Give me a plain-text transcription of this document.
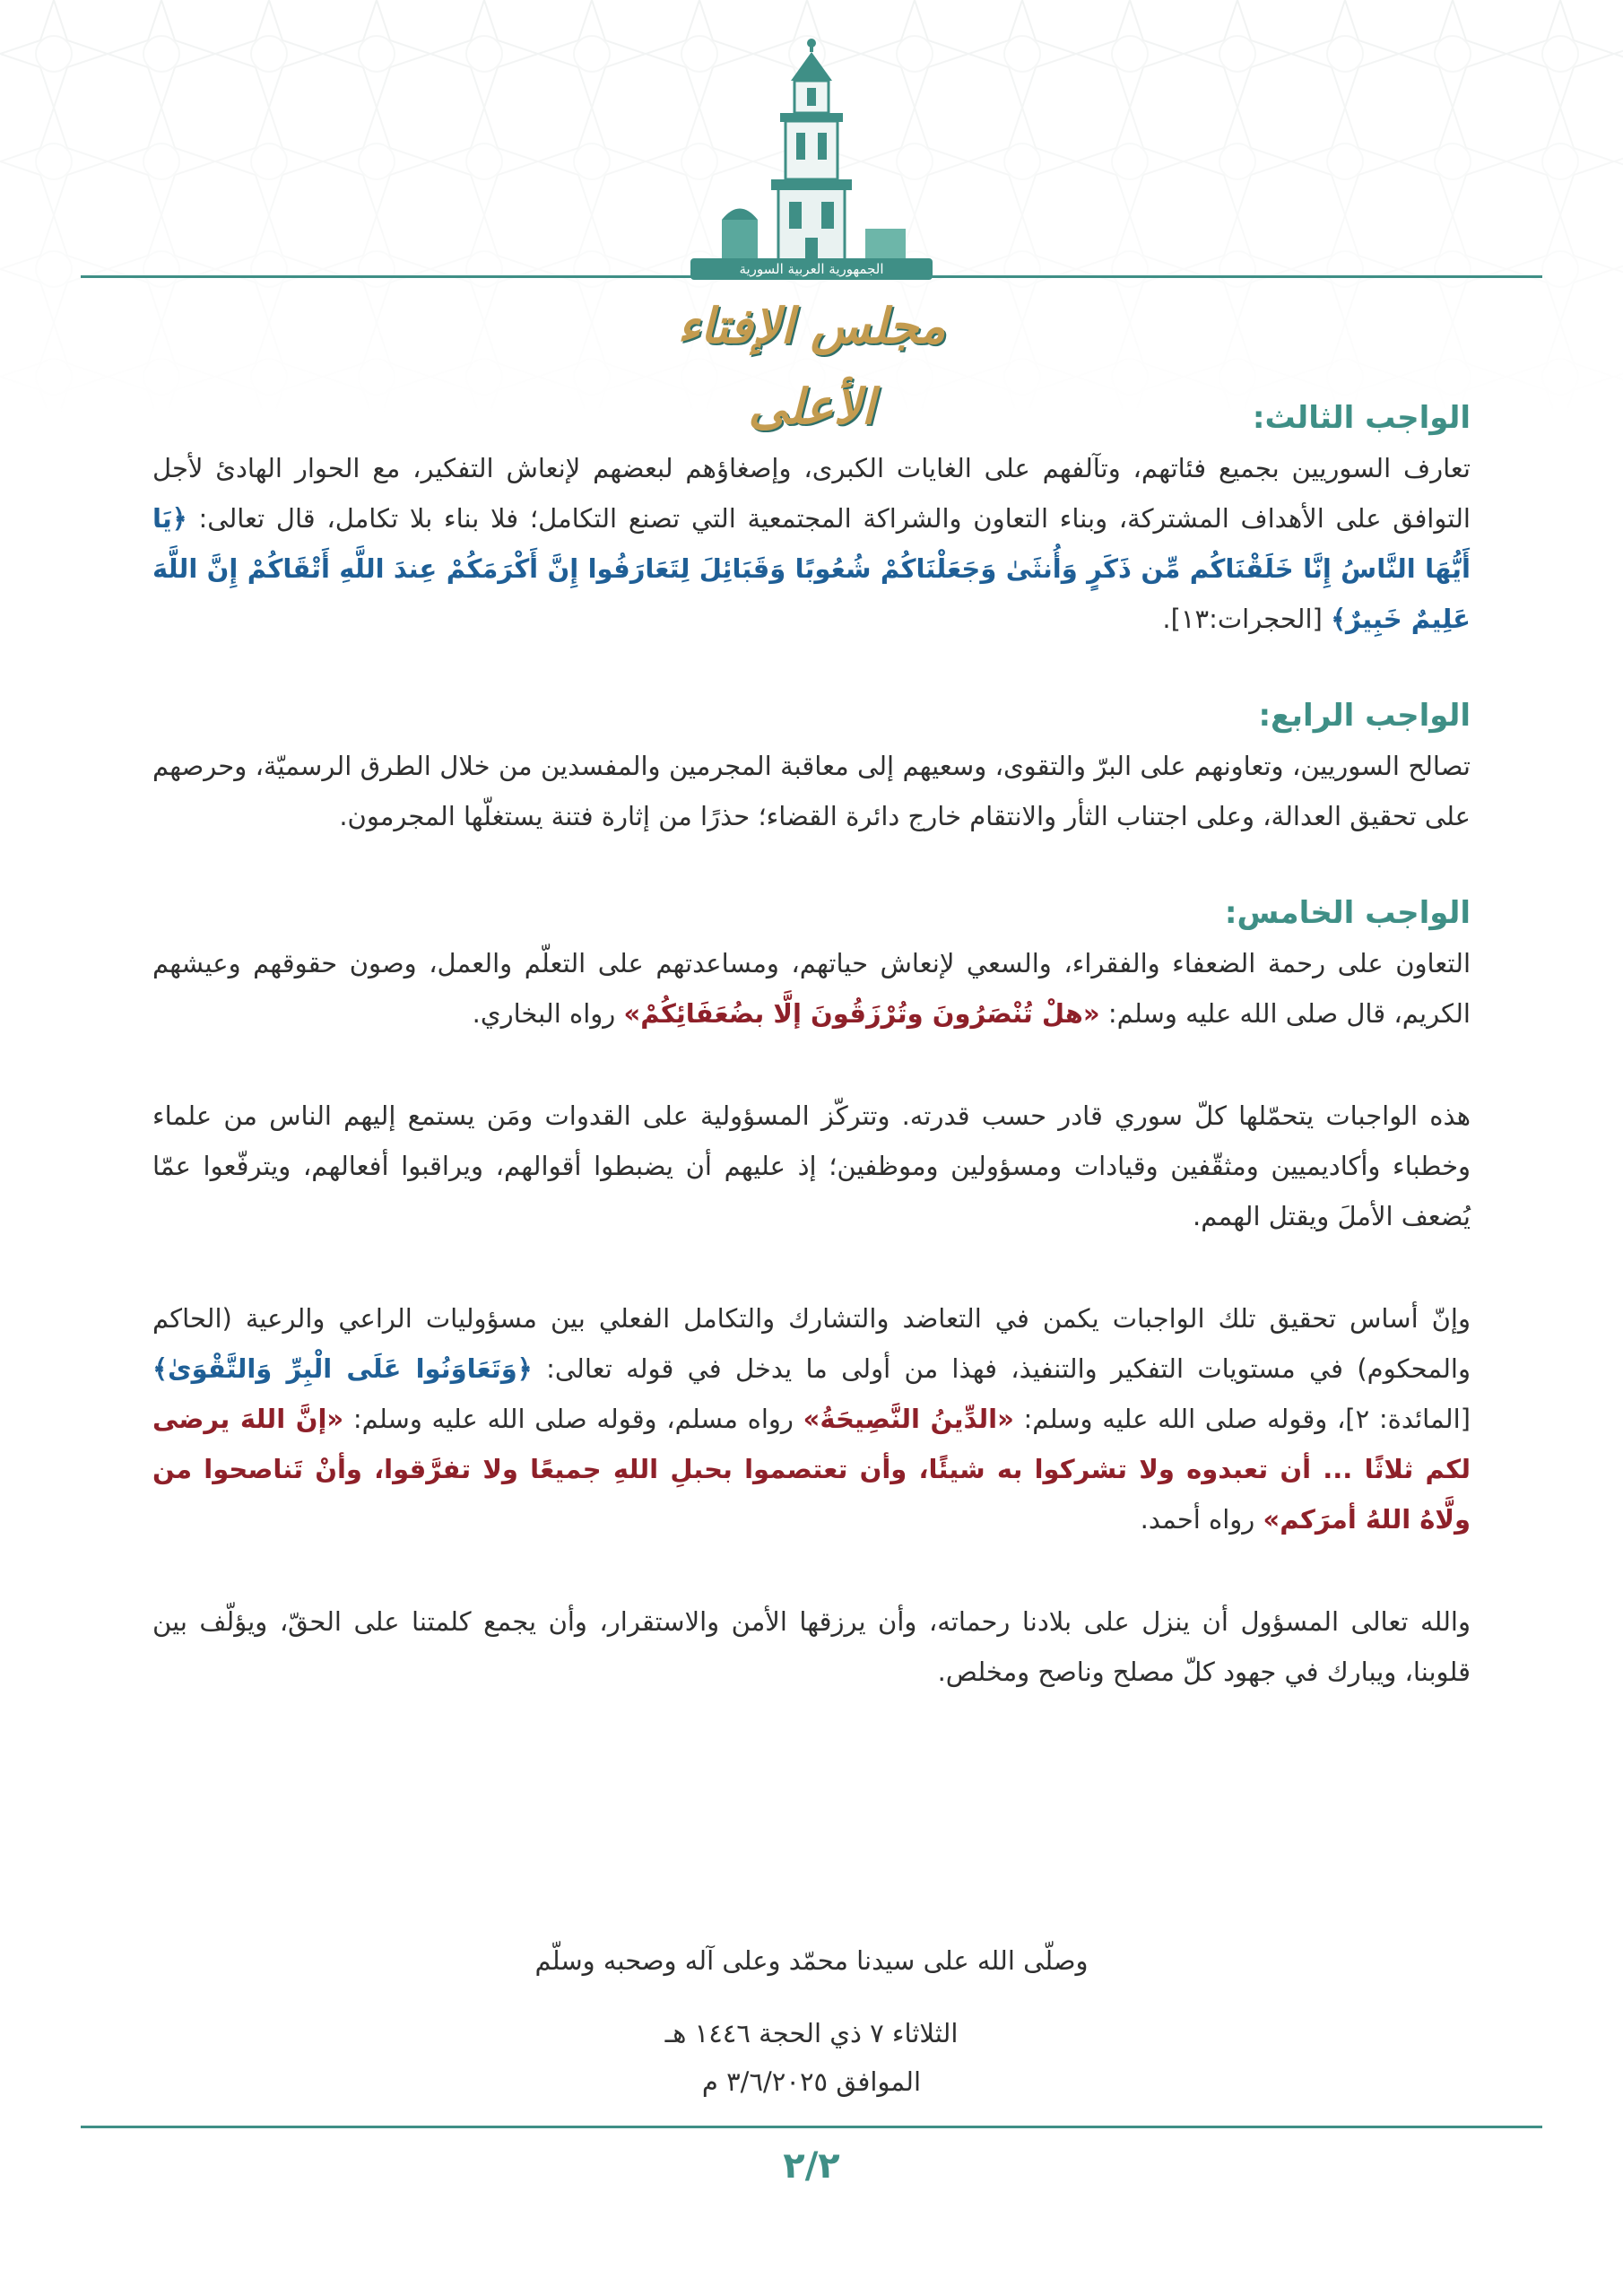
الجمهورية العربية السورية
مجلس الإفتاء الأعلى	الواجب الثالث:

تعارف السوريين بجميع فئاتهم، وتآلفهم على الغايات الكبرى، وإصغاؤهم لبعضهم لإنعاش التفكير، مع الحوار الهادئ لأجل التوافق على الأهداف المشتركة، وبناء التعاون والشراكة المجتمعية التي تصنع التكامل؛ فلا بناء بلا تكامل، قال تعالى: ﴿يَا أَيُّهَا النَّاسُ إِنَّا خَلَقْنَاكُم مِّن ذَكَرٍ وَأُنثَىٰ وَجَعَلْنَاكُمْ شُعُوبًا وَقَبَائِلَ لِتَعَارَفُوا إِنَّ أَكْرَمَكُمْ عِندَ اللَّهِ أَتْقَاكُمْ إِنَّ اللَّهَ عَلِيمٌ خَبِيرٌ﴾ [الحجرات:١٣].

الواجب الرابع:

تصالح السوريين، وتعاونهم على البرّ والتقوى، وسعيهم إلى معاقبة المجرمين والمفسدين من خلال الطرق الرسميّة، وحرصهم على تحقيق العدالة، وعلى اجتناب الثأر والانتقام خارج دائرة القضاء؛ حذرًا من إثارة فتنة يستغلّها المجرمون.

الواجب الخامس:

التعاون على رحمة الضعفاء والفقراء، والسعي لإنعاش حياتهم، ومساعدتهم على التعلّم والعمل، وصون حقوقهم وعيشهم الكريم، قال صلى الله عليه وسلم: «هلْ تُنْصَرُونَ وتُرْزَقُونَ إلَّا بضُعَفَائِكُمْ» رواه البخاري.

هذه الواجبات يتحمّلها كلّ سوري قادر حسب قدرته. وتتركّز المسؤولية على القدوات ومَن يستمع إليهم الناس من علماء وخطباء وأكاديميين ومثقّفين وقيادات ومسؤولين وموظفين؛ إذ عليهم أن يضبطوا أقوالهم، ويراقبوا أفعالهم، ويترفّعوا عمّا يُضعف الأملَ ويقتل الهمم.

وإنّ أساس تحقيق تلك الواجبات يكمن في التعاضد والتشارك والتكامل الفعلي بين مسؤوليات الراعي والرعية (الحاكم والمحكوم) في مستويات التفكير والتنفيذ، فهذا من أولى ما يدخل في قوله تعالى: ﴿وَتَعَاوَنُوا عَلَى الْبِرِّ وَالتَّقْوَىٰ﴾[المائدة: ٢]، وقوله صلى الله عليه وسلم: «الدِّينُ النَّصِيحَةُ» رواه مسلم، وقوله صلى الله عليه وسلم: «إنَّ اللهَ يرضى لكم ثلاثًا ... أن تعبدوه ولا تشركوا به شيئًا، وأن تعتصموا بحبلِ اللهِ جميعًا ولا تفرَّقوا، وأنْ تَناصحوا من ولَّاهُ اللهُ أمرَكم» رواه أحمد.

والله تعالى المسؤول أن ينزل على بلادنا رحماته، وأن يرزقها الأمن والاستقرار، وأن يجمع كلمتنا على الحقّ، ويؤلّف بين قلوبنا، ويبارك في جهود كلّ مصلح وناصح ومخلص.

وصلّى الله على سيدنا محمّد وعلى آله وصحبه وسلّم

الثلاثاء ٧ ذي الحجة ١٤٤٦ هـ
الموافق ٣/٦/٢٠٢٥ م
٢/٢
